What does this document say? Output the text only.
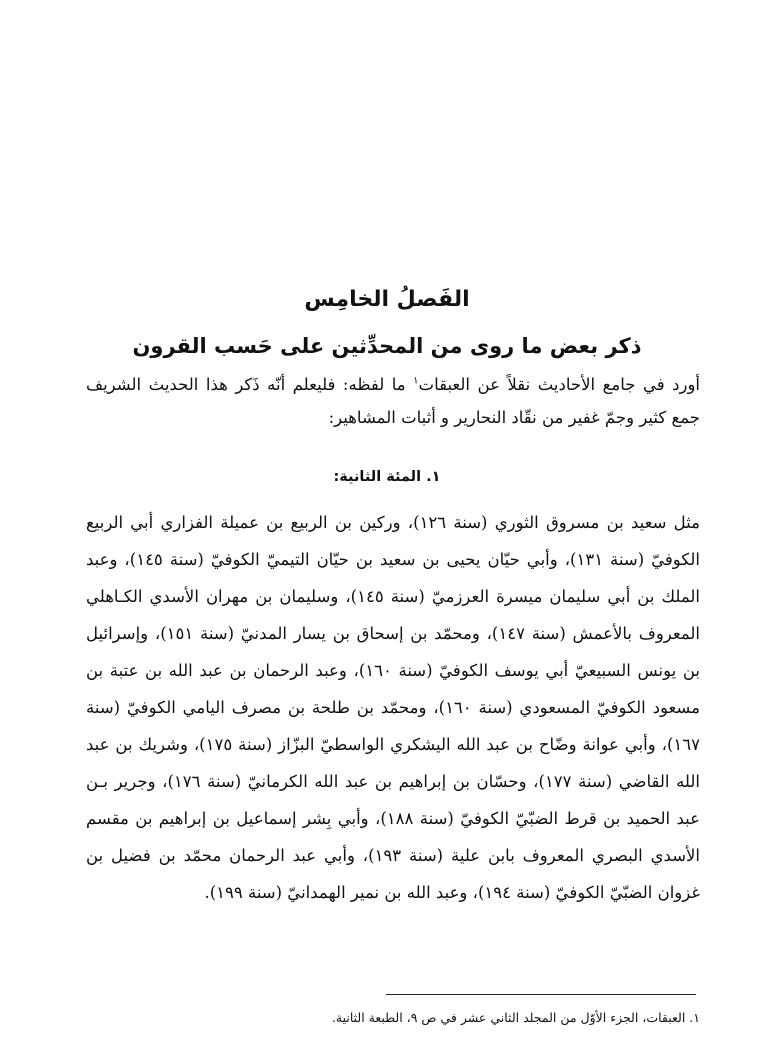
الفَصلُ الخامِس
ذكر بعض ما روى من المحدِّثين على حَسب القرون

أورد في جامع الأحاديث نقلاً عن العبقات$^١$ ما لفظه: فليعلم أنّه ذَكر هذا الحديث الشريف جمع كثير وجمّ غفير من نقّاد النحارير و أثبات المشاهير:

١. المئة الثانية:

مثل سعيد بن مسروق الثوري (سنة ١٢٦)، وركين بن الربيع بن عميلة الفزاري أبي الربيع الكوفيّ (سنة ١٣١)، وأبي حيّان يحيى بن سعيد بن حيّان التيميّ الكوفيّ (سنة ١٤٥)، وعبد الملك بن أبي سليمان ميسرة العرزميّ (سنة ١٤٥)، وسليمان بن مهران الأسدي الكـاهلي المعروف بالأعمش (سنة ١٤٧)، ومحمّد بن إسحاق بن يسار المدنيّ (سنة ١٥١)، وإسرائيل بن يونس السبيعيّ أبي يوسف الكوفيّ (سنة ١٦٠)، وعبد الرحمان بن عبد الله بن عتبة بن مسعود الكوفيّ المسعودي (سنة ١٦٠)، ومحمّد بن طلحة بن مصرف اليامي الكوفيّ (سنة ١٦٧)، وأبي عوانة وضّاح بن عبد الله اليشكري الواسطيّ البزّاز (سنة ١٧٥)، وشريك بن عبد الله القاضي (سنة ١٧٧)، وحسّان بن إبراهيم بن عبد الله الكرمانيّ (سنة ١٧٦)، وجرير بـن عبد الحميد بن قرط الضبّيّ الكوفيّ (سنة ١٨٨)، وأبي بِشر إسماعيل بن إبراهيم بن مقسم الأسدي البصري المعروف بابن علية (سنة ١٩٣)، وأبي عبد الرحمان محمّد بن فضيل بن غزوان الضبّيّ الكوفيّ (سنة ١٩٤)، وعبد الله بن نمير الهمدانيّ (سنة ١٩٩).

١. العبقات، الجزء الأوّل من المجلد الثاني عشر في ص ٩، الطبعة الثانية.
